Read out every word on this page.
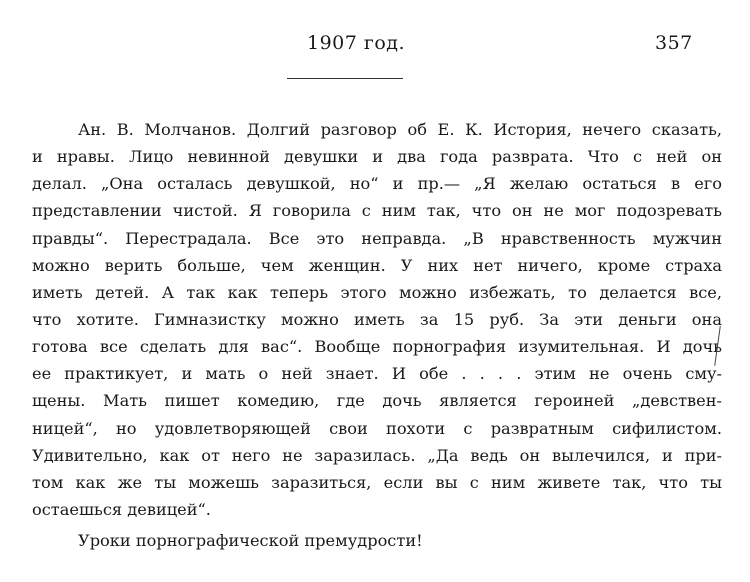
1907 год.	357
Ан. В. Молчанов. Долгий разговор об Е. К. История, нечего сказать,
и нравы. Лицо невинной девушки и два года разврата. Что с ней он
делал. „Она осталась девушкой, но“ и пр.— „Я желаю остаться в его
представлении чистой. Я говорила с ним так, что он не мог подозревать
правды“. Перестрадала. Все это неправда. „В нравственность мужчин
можно верить больше, чем женщин. У них нет ничего, кроме страха
иметь детей. А так как теперь этого можно избежать, то делается все,
что хотите. Гимназистку можно иметь за 15 руб. За эти деньги она
готова все сделать для вас“. Вообще порнография изумительная. И дочь
ее практикует, и мать о ней знает. И обе . . . . этим не очень сму-
щены. Мать пишет комедию, где дочь является героиней „девствен-
ницей“, но удовлетворяющей свои похоти с развратным сифилистом.
Удивительно, как от него не заразилась. „Да ведь он вылечился, и при-
том как же ты можешь заразиться, если вы с ним живете так, что ты
остаешься девицей“.
Уроки порнографической премудрости!
